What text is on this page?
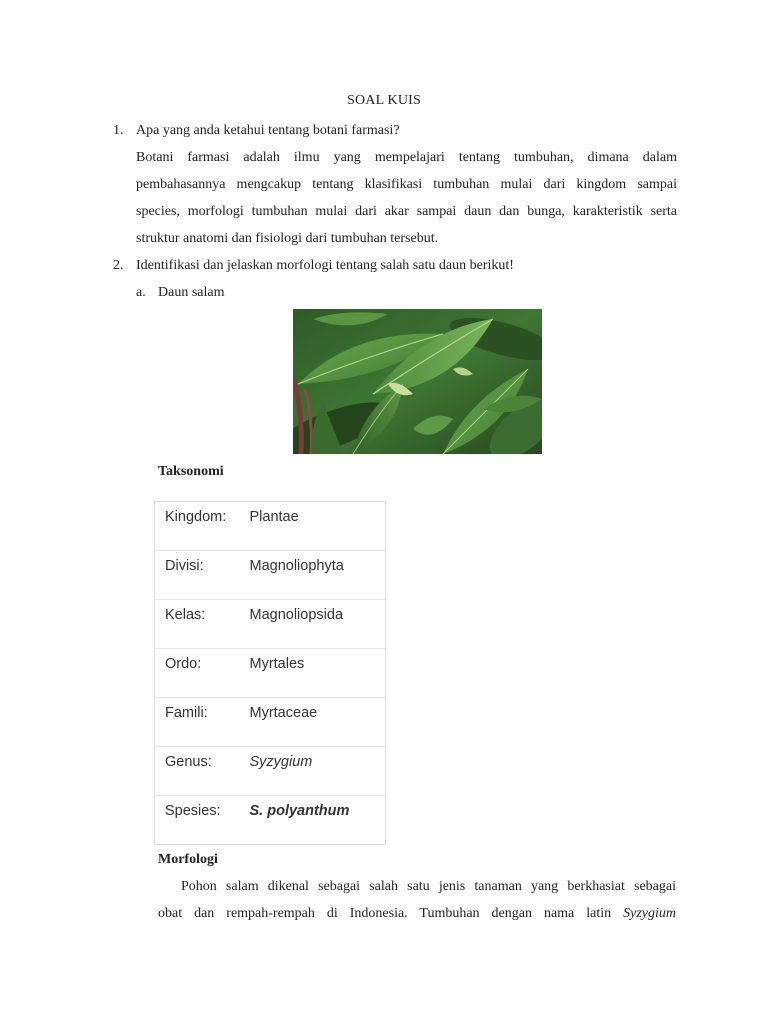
SOAL KUIS
1. Apa yang anda ketahui tentang botani farmasi?
Botani farmasi adalah ilmu yang mempelajari tentang tumbuhan, dimana dalam
pembahasannya mengcakup tentang klasifikasi tumbuhan mulai dari kingdom sampai
species, morfologi tumbuhan mulai dari akar sampai daun dan bunga, karakteristik serta
struktur anatomi dan fisiologi dari tumbuhan tersebut.
2. Identifikasi dan jelaskan morfologi tentang salah satu daun berikut!
a. Daun salam
Taksonomi
Kingdom:	Plantae
Divisi:	Magnoliophyta
Kelas:	Magnoliopsida
Ordo:	Myrtales
Famili:	Myrtaceae
Genus:	Syzygium
Spesies:	S. polyanthum
Morfologi
Pohon salam dikenal sebagai salah satu jenis tanaman yang berkhasiat sebagai
obat dan rempah-rempah di Indonesia. Tumbuhan dengan nama latin Syzygium
